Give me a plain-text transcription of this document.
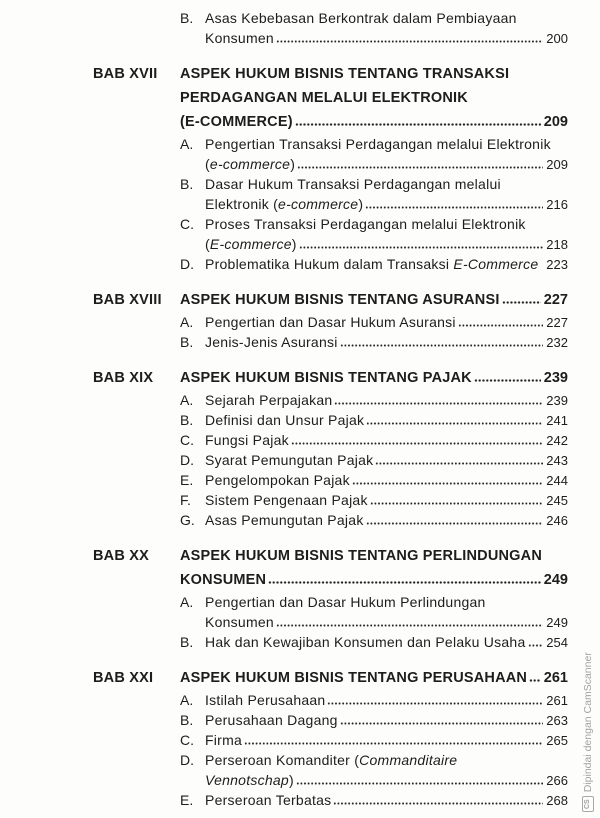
B. Asas Kebebasan Berkontrak dalam Pembiayaan
Konsumen	200
BAB XVII	ASPEK HUKUM BISNIS TENTANG TRANSAKSI
PERDAGANGAN MELALUI ELEKTRONIK
(E-COMMERCE)	209
A. Pengertian Transaksi Perdagangan melalui Elektronik
(e-commerce)	209
B. Dasar Hukum Transaksi Perdagangan melalui
Elektronik (e-commerce)	216
C. Proses Transaksi Perdagangan melalui Elektronik
(E-commerce)	218
D. Problematika Hukum dalam Transaksi E-Commerce 223
BAB XVIII	ASPEK HUKUM BISNIS TENTANG ASURANSI	227
A. Pengertian dan Dasar Hukum Asuransi	227
B. Jenis-Jenis Asuransi	232
BAB XIX	ASPEK HUKUM BISNIS TENTANG PAJAK	239
A. Sejarah Perpajakan	239
B. Definisi dan Unsur Pajak	241
C. Fungsi Pajak	242
D. Syarat Pemungutan Pajak	243
E. Pengelompokan Pajak	244
F.	Sistem Pengenaan Pajak	245
G. Asas Pemungutan Pajak	246
BAB XX	ASPEK HUKUM BISNIS TENTANG PERLINDUNGAN
KONSUMEN	249
A. Pengertian dan Dasar Hukum Perlindungan
Konsumen	249
B. Hak dan Kewajiban Konsumen dan Pelaku Usaha 254
BAB XXI	ASPEK HUKUM BISNIS TENTANG PERUSAHAAN 261
A. Istilah Perusahaan	261
B. Perusahaan Dagang	263
C. Firma	265
D. Perseroan Komanditer (Commanditaire
Vennotschap)	266
E. Perseroan Terbatas	268 CS
Dipindai dengan CamScanner
